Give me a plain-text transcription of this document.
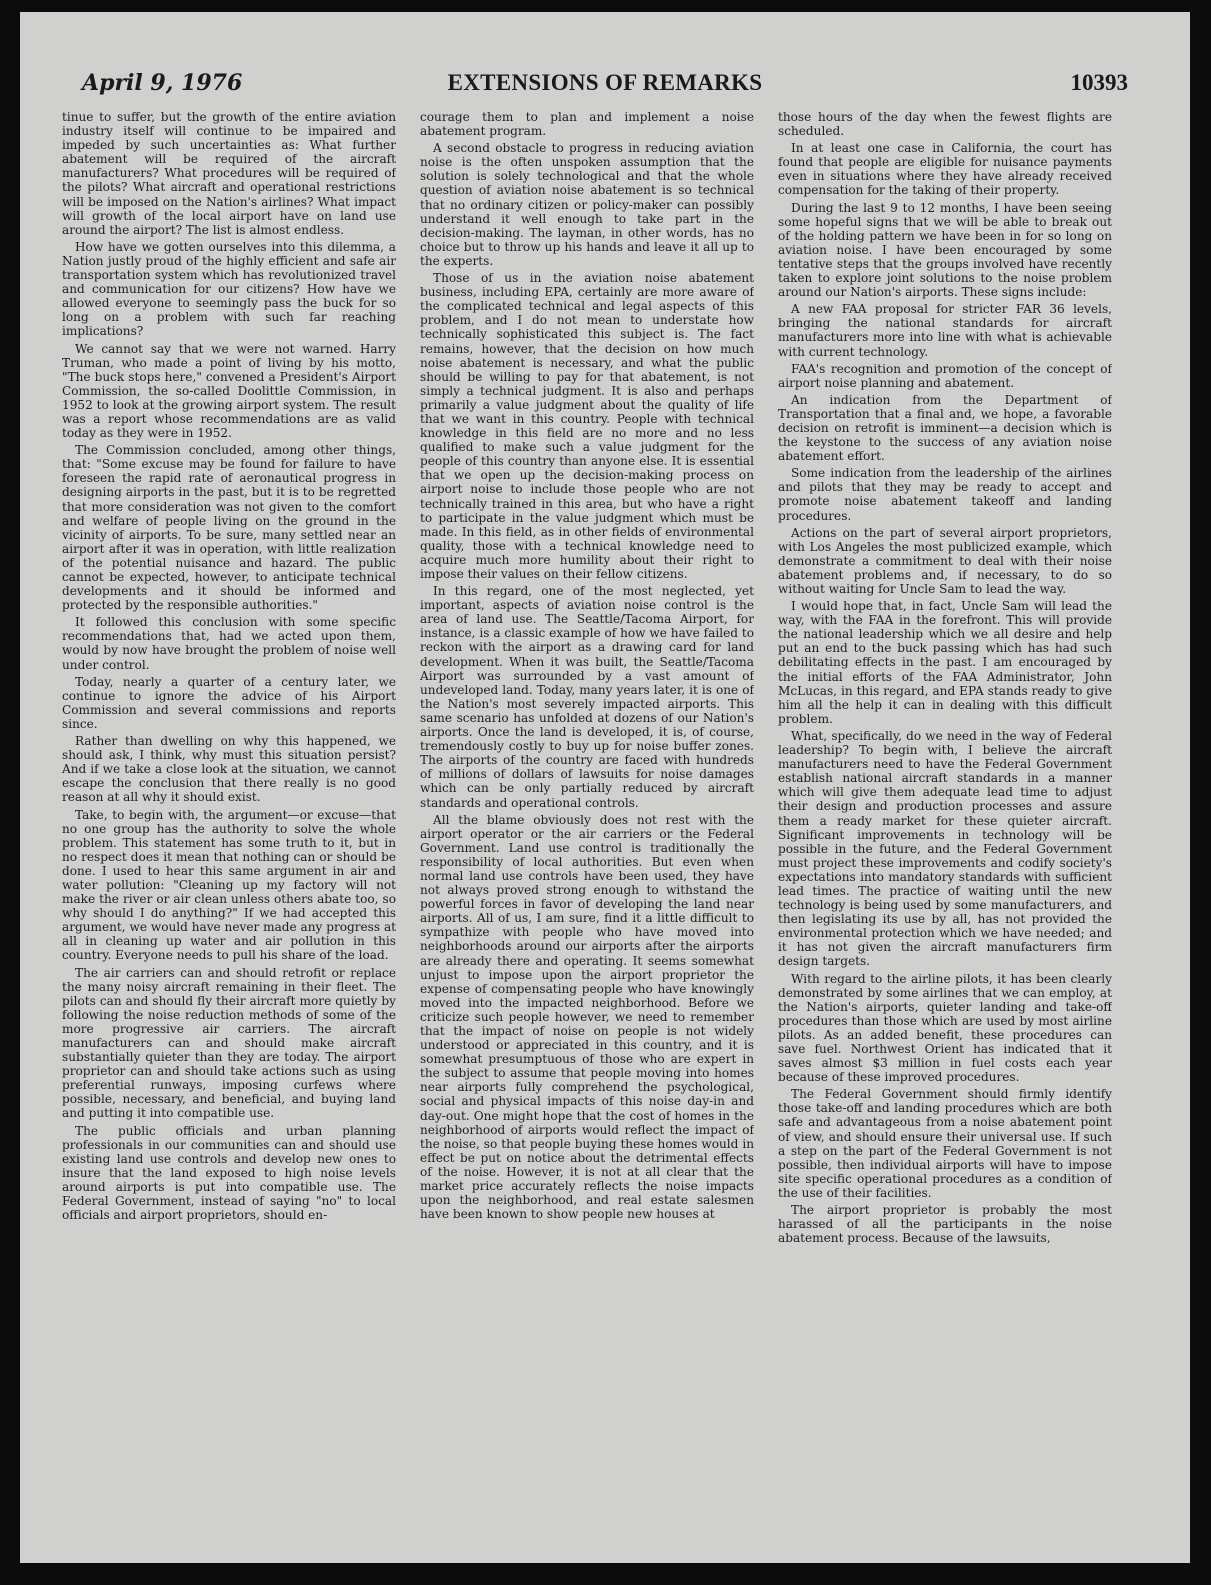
April 9, 1976	EXTENSIONS OF REMARKS	10393

tinue to suffer, but the growth of the entire aviation industry itself will continue to be impaired and impeded by such uncertainties as: What further abatement will be required of the aircraft manufacturers? What procedures will be required of the pilots? What aircraft and operational restrictions will be imposed on the Nation's airlines? What impact will growth of the local airport have on land use around the airport? The list is almost endless.

How have we gotten ourselves into this dilemma, a Nation justly proud of the highly efficient and safe air transportation system which has revolutionized travel and communication for our citizens? How have we allowed everyone to seemingly pass the buck for so long on a problem with such far reaching implications?

We cannot say that we were not warned. Harry Truman, who made a point of living by his motto, "The buck stops here," convened a President's Airport Commission, the so-called Doolittle Commission, in 1952 to look at the growing airport system. The result was a report whose recommendations are as valid today as they were in 1952.

The Commission concluded, among other things, that: "Some excuse may be found for failure to have foreseen the rapid rate of aeronautical progress in designing airports in the past, but it is to be regretted that more consideration was not given to the comfort and welfare of people living on the ground in the vicinity of airports. To be sure, many settled near an airport after it was in operation, with little realization of the potential nuisance and hazard. The public cannot be expected, however, to anticipate technical developments and it should be informed and protected by the responsible authorities."

It followed this conclusion with some specific recommendations that, had we acted upon them, would by now have brought the problem of noise well under control.

Today, nearly a quarter of a century later, we continue to ignore the advice of his Airport Commission and several commissions and reports since.

Rather than dwelling on why this happened, we should ask, I think, why must this situation persist? And if we take a close look at the situation, we cannot escape the conclusion that there really is no good reason at all why it should exist.

Take, to begin with, the argument—or excuse—that no one group has the authority to solve the whole problem. This statement has some truth to it, but in no respect does it mean that nothing can or should be done. I used to hear this same argument in air and water pollution: "Cleaning up my factory will not make the river or air clean unless others abate too, so why should I do anything?" If we had accepted this argument, we would have never made any progress at all in cleaning up water and air pollution in this country. Everyone needs to pull his share of the load.

The air carriers can and should retrofit or replace the many noisy aircraft remaining in their fleet. The pilots can and should fly their aircraft more quietly by following the noise reduction methods of some of the more progressive air carriers. The aircraft manufacturers can and should make aircraft substantially quieter than they are today. The airport proprietor can and should take actions such as using preferential runways, imposing curfews where possible, necessary, and beneficial, and buying land and putting it into compatible use.

The public officials and urban planning professionals in our communities can and should use existing land use controls and develop new ones to insure that the land exposed to high noise levels around airports is put into compatible use. The Federal Government, instead of saying "no" to local officials and airport proprietors, should en-

courage them to plan and implement a noise abatement program.

A second obstacle to progress in reducing aviation noise is the often unspoken assumption that the solution is solely technological and that the whole question of aviation noise abatement is so technical that no ordinary citizen or policy-maker can possibly understand it well enough to take part in the decision-making. The layman, in other words, has no choice but to throw up his hands and leave it all up to the experts.

Those of us in the aviation noise abatement business, including EPA, certainly are more aware of the complicated technical and legal aspects of this problem, and I do not mean to understate how technically sophisticated this subject is. The fact remains, however, that the decision on how much noise abatement is necessary, and what the public should be willing to pay for that abatement, is not simply a technical judgment. It is also and perhaps primarily a value judgment about the quality of life that we want in this country. People with technical knowledge in this field are no more and no less qualified to make such a value judgment for the people of this country than anyone else. It is essential that we open up the decision-making process on airport noise to include those people who are not technically trained in this area, but who have a right to participate in the value judgment which must be made. In this field, as in other fields of environmental quality, those with a technical knowledge need to acquire much more humility about their right to impose their values on their fellow citizens.

In this regard, one of the most neglected, yet important, aspects of aviation noise control is the area of land use. The Seattle/Tacoma Airport, for instance, is a classic example of how we have failed to reckon with the airport as a drawing card for land development. When it was built, the Seattle/Tacoma Airport was surrounded by a vast amount of undeveloped land. Today, many years later, it is one of the Nation's most severely impacted airports. This same scenario has unfolded at dozens of our Nation's airports. Once the land is developed, it is, of course, tremendously costly to buy up for noise buffer zones. The airports of the country are faced with hundreds of millions of dollars of lawsuits for noise damages which can be only partially reduced by aircraft standards and operational controls.

All the blame obviously does not rest with the airport operator or the air carriers or the Federal Government. Land use control is traditionally the responsibility of local authorities. But even when normal land use controls have been used, they have not always proved strong enough to withstand the powerful forces in favor of developing the land near airports. All of us, I am sure, find it a little difficult to sympathize with people who have moved into neighborhoods around our airports after the airports are already there and operating. It seems somewhat unjust to impose upon the airport proprietor the expense of compensating people who have knowingly moved into the impacted neighborhood. Before we criticize such people however, we need to remember that the impact of noise on people is not widely understood or appreciated in this country, and it is somewhat presumptuous of those who are expert in the subject to assume that people moving into homes near airports fully comprehend the psychological, social and physical impacts of this noise day-in and day-out. One might hope that the cost of homes in the neighborhood of airports would reflect the impact of the noise, so that people buying these homes would in effect be put on notice about the detrimental effects of the noise. However, it is not at all clear that the market price accurately reflects the noise impacts upon the neighborhood, and real estate salesmen have been known to show people new houses at

those hours of the day when the fewest flights are scheduled.

In at least one case in California, the court has found that people are eligible for nuisance payments even in situations where they have already received compensation for the taking of their property.

During the last 9 to 12 months, I have been seeing some hopeful signs that we will be able to break out of the holding pattern we have been in for so long on aviation noise. I have been encouraged by some tentative steps that the groups involved have recently taken to explore joint solutions to the noise problem around our Nation's airports. These signs include:

A new FAA proposal for stricter FAR 36 levels, bringing the national standards for aircraft manufacturers more into line with what is achievable with current technology.

FAA's recognition and promotion of the concept of airport noise planning and abatement.

An indication from the Department of Transportation that a final and, we hope, a favorable decision on retrofit is imminent—a decision which is the keystone to the success of any aviation noise abatement effort.

Some indication from the leadership of the airlines and pilots that they may be ready to accept and promote noise abatement takeoff and landing procedures.

Actions on the part of several airport proprietors, with Los Angeles the most publicized example, which demonstrate a commitment to deal with their noise abatement problems and, if necessary, to do so without waiting for Uncle Sam to lead the way.

I would hope that, in fact, Uncle Sam will lead the way, with the FAA in the forefront. This will provide the national leadership which we all desire and help put an end to the buck passing which has had such debilitating effects in the past. I am encouraged by the initial efforts of the FAA Administrator, John McLucas, in this regard, and EPA stands ready to give him all the help it can in dealing with this difficult problem.

What, specifically, do we need in the way of Federal leadership? To begin with, I believe the aircraft manufacturers need to have the Federal Government establish national aircraft standards in a manner which will give them adequate lead time to adjust their design and production processes and assure them a ready market for these quieter aircraft. Significant improvements in technology will be possible in the future, and the Federal Government must project these improvements and codify society's expectations into mandatory standards with sufficient lead times. The practice of waiting until the new technology is being used by some manufacturers, and then legislating its use by all, has not provided the environmental protection which we have needed; and it has not given the aircraft manufacturers firm design targets.

With regard to the airline pilots, it has been clearly demonstrated by some airlines that we can employ, at the Nation's airports, quieter landing and take-off procedures than those which are used by most airline pilots. As an added benefit, these procedures can save fuel. Northwest Orient has indicated that it saves almost $3 million in fuel costs each year because of these improved procedures.

The Federal Government should firmly identify those take-off and landing procedures which are both safe and advantageous from a noise abatement point of view, and should ensure their universal use. If such a step on the part of the Federal Government is not possible, then individual airports will have to impose site specific operational procedures as a condition of the use of their facilities.

The airport proprietor is probably the most harassed of all the participants in the noise abatement process. Because of the lawsuits,
